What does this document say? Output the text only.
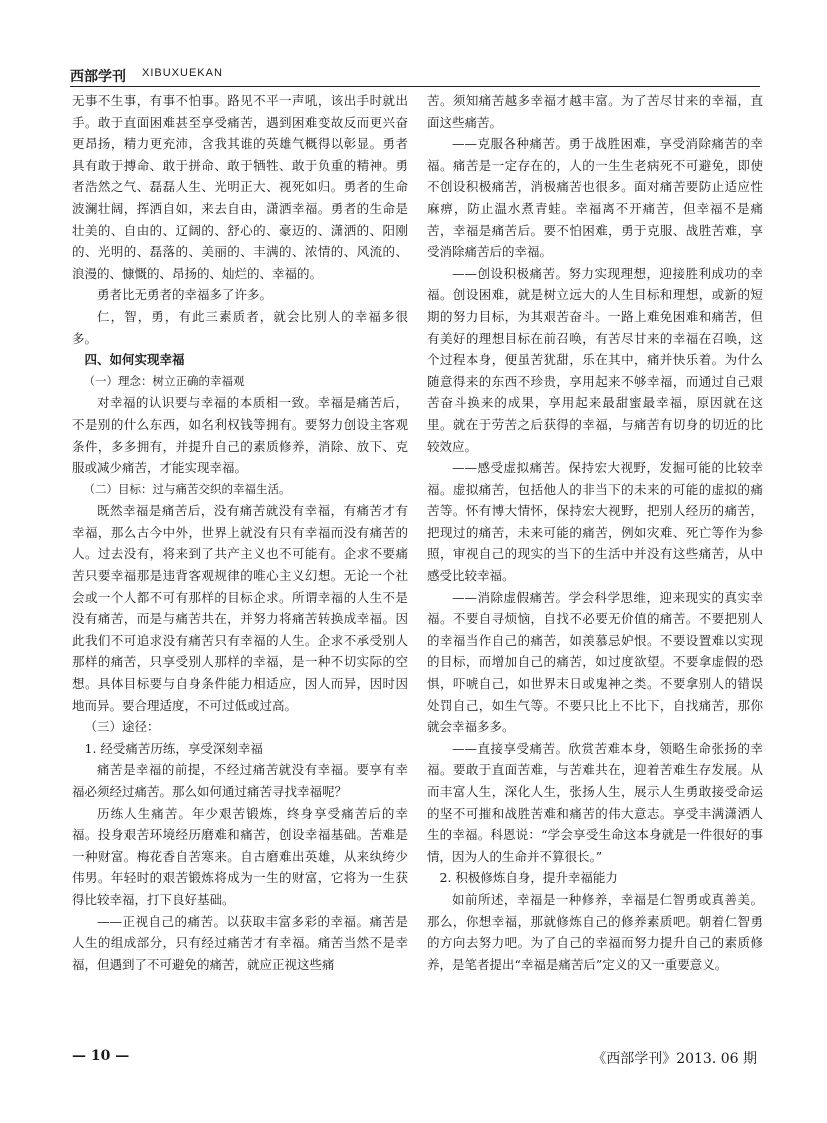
西部学刊 XIBUXUEKAN

无事不生事，有事不怕事。路见不平一声吼，该出手时就出手。敢于直面困难甚至享受痛苦，遇到困难变故反而更兴奋更昂扬，精力更充沛，含我其谁的英雄气概得以彰显。勇者具有敢于搏命、敢于拼命、敢于牺牲、敢于负重的精神。勇者浩然之气、磊磊人生、光明正大、视死如归。勇者的生命波澜壮阔，挥洒自如，来去自由，潇洒幸福。勇者的生命是壮美的、自由的、辽阔的、舒心的、豪迈的、潇洒的、阳刚的、光明的、磊落的、美丽的、丰满的、浓情的、风流的、浪漫的、慷慨的、昂扬的、灿烂的、幸福的。

勇者比无勇者的幸福多了许多。

仁，智，勇，有此三素质者，就会比别人的幸福多很多。

四、如何实现幸福

（一）理念：树立正确的幸福观

对幸福的认识要与幸福的本质相一致。幸福是痛苦后，不是别的什么东西，如名利权钱等拥有。要努力创设主客观条件，多多拥有，并提升自己的素质修养，消除、放下、克服或减少痛苦，才能实现幸福。

（二）目标：过与痛苦交织的幸福生活。

既然幸福是痛苦后，没有痛苦就没有幸福，有痛苦才有幸福，那么古今中外，世界上就没有只有幸福而没有痛苦的人。过去没有，将来到了共产主义也不可能有。企求不要痛苦只要幸福那是违背客观规律的唯心主义幻想。无论一个社会或一个人都不可有那样的目标企求。所谓幸福的人生不是没有痛苦，而是与痛苦共在，并努力将痛苦转换成幸福。因此我们不可追求没有痛苦只有幸福的人生。企求不承受别人那样的痛苦，只享受别人那样的幸福，是一种不切实际的空想。具体目标要与自身条件能力相适应，因人而异，因时因地而异。要合理适度，不可过低或过高。

（三）途径：

1. 经受痛苦历练，享受深刻幸福

痛苦是幸福的前提，不经过痛苦就没有幸福。要享有幸福必须经过痛苦。那么如何通过痛苦寻找幸福呢？

历练人生痛苦。年少艰苦锻炼，终身享受痛苦后的幸福。投身艰苦环境经历磨难和痛苦，创设幸福基础。苦难是一种财富。梅花香自苦寒来。自古磨难出英雄，从来纨绔少伟男。年轻时的艰苦锻炼将成为一生的财富，它将为一生获得比较幸福，打下良好基础。

——正视自己的痛苦。以获取丰富多彩的幸福。痛苦是人生的组成部分，只有经过痛苦才有幸福。痛苦当然不是幸福，但遇到了不可避免的痛苦，就应正视这些痛

苦。须知痛苦越多幸福才越丰富。为了苦尽甘来的幸福，直面这些痛苦。

——克服各种痛苦。勇于战胜困难，享受消除痛苦的幸福。痛苦是一定存在的，人的一生生老病死不可避免，即使不创设积极痛苦，消极痛苦也很多。面对痛苦要防止适应性麻痹，防止温水煮青蛙。幸福离不开痛苦，但幸福不是痛苦，幸福是痛苦后。要不怕困难，勇于克服、战胜苦难，享受消除痛苦后的幸福。

——创设积极痛苦。努力实现理想，迎接胜利成功的幸福。创设困难，就是树立远大的人生目标和理想，或新的短期的努力目标，为其艰苦奋斗。一路上难免困难和痛苦，但有美好的理想目标在前召唤，有苦尽甘来的幸福在召唤，这个过程本身，便虽苦犹甜，乐在其中，痛并快乐着。为什么随意得来的东西不珍贵，享用起来不够幸福，而通过自己艰苦奋斗换来的成果，享用起来最甜蜜最幸福，原因就在这里。就在于劳苦之后获得的幸福，与痛苦有切身的切近的比较效应。

——感受虚拟痛苦。保持宏大视野，发掘可能的比较幸福。虚拟痛苦，包括他人的非当下的未来的可能的虚拟的痛苦等。怀有博大情怀，保持宏大视野，把别人经历的痛苦，把现过的痛苦，未来可能的痛苦，例如灾难、死亡等作为参照，审视自己的现实的当下的生活中并没有这些痛苦，从中感受比较幸福。

——消除虚假痛苦。学会科学思维，迎来现实的真实幸福。不要自寻烦恼，自找不必要无价值的痛苦。不要把别人的幸福当作自己的痛苦，如羡慕忌妒恨。不要设置难以实现的目标，而增加自己的痛苦，如过度欲望。不要拿虚假的恐惧，吓唬自己，如世界末日或鬼神之类。不要拿别人的错误处罚自己，如生气等。不要只比上不比下，自找痛苦，那你就会幸福多多。

——直接享受痛苦。欣赏苦难本身，领略生命张扬的幸福。要敢于直面苦难，与苦难共在，迎着苦难生存发展。从而丰富人生，深化人生，张扬人生，展示人生勇敢接受命运的坚不可摧和战胜苦难和痛苦的伟大意志。享受丰满潇洒人生的幸福。科恩说：“学会享受生命这本身就是一件很好的事情，因为人的生命并不算很长。”

2. 积极修炼自身，提升幸福能力

如前所述，幸福是一种修养，幸福是仁智勇或真善美。那么，你想幸福，那就修炼自己的修养素质吧。朝着仁智勇的方向去努力吧。为了自己的幸福而努力提升自己的素质修养，是笔者提出“幸福是痛苦后”定义的又一重要意义。

— 10 —	《西部学刊》2013. 06 期
